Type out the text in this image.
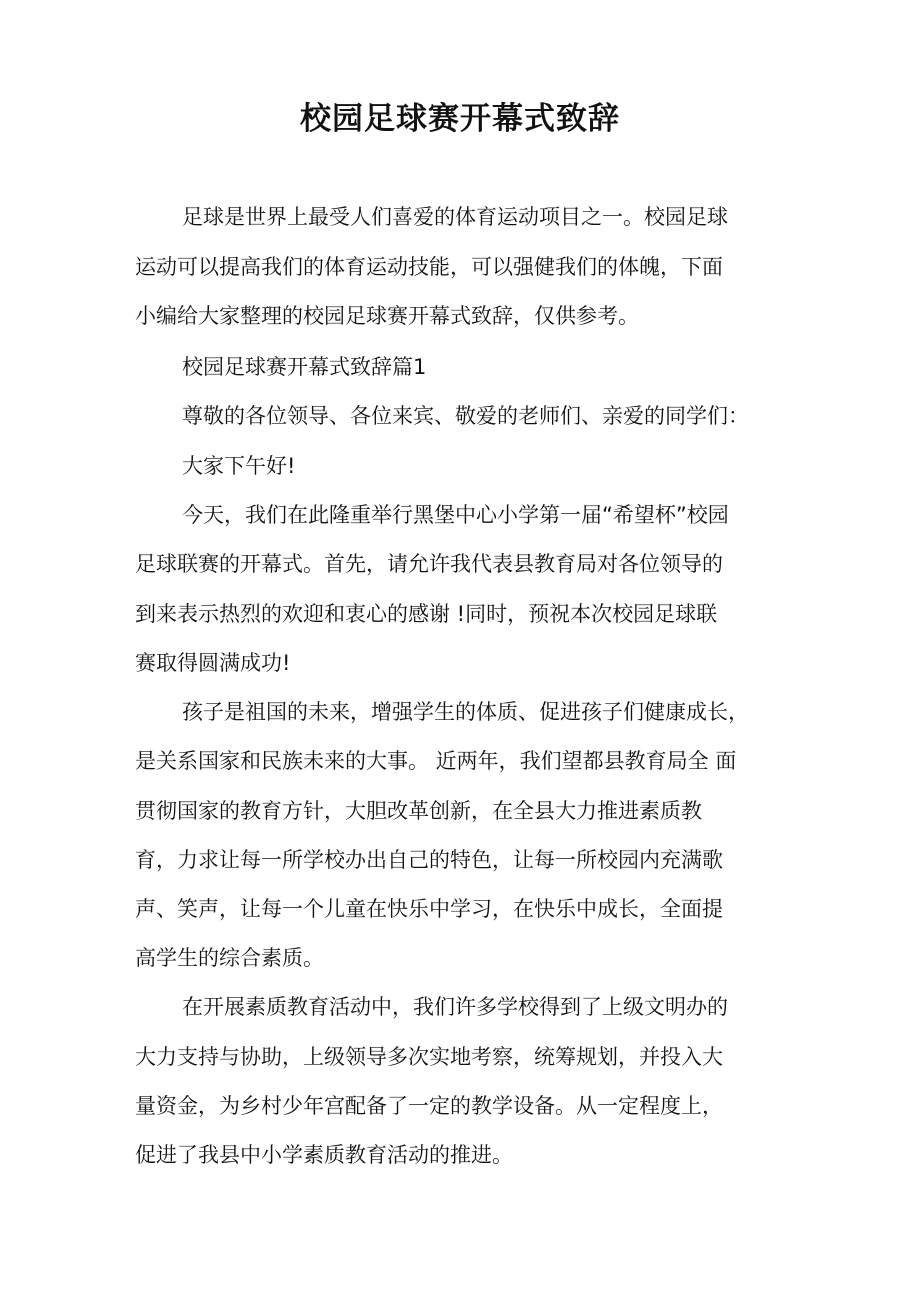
校园足球赛开幕式致辞
足球是世界上最受人们喜爱的体育运动项目之一。校园足球
运动可以提高我们的体育运动技能，可以强健我们的体魄，下面
小编给大家整理的校园足球赛开幕式致辞，仅供参考。
校园足球赛开幕式致辞篇1
尊敬的各位领导、各位来宾、敬爱的老师们、亲爱的同学们：
大家下午好!
今天，我们在此隆重举行黑堡中心小学第一届“希望杯”校园
足球联赛的开幕式。首先，请允许我代表县教育局对各位领导的
到来表示热烈的欢迎和衷心的感谢 !同时，预祝本次校园足球联
赛取得圆满成功!
孩子是祖国的未来，增强学生的体质、促进孩子们健康成长，
是关系国家和民族未来的大事。 近两年，我们望都县教育局全 面
贯彻国家的教育方针，大胆改革创新，在全县大力推进素质教
育，力求让每一所学校办出自己的特色，让每一所校园内充满歌
声、笑声，让每一个儿童在快乐中学习，在快乐中成长，全面提
高学生的综合素质。
在开展素质教育活动中，我们许多学校得到了上级文明办的
大力支持与协助，上级领导多次实地考察，统筹规划，并投入大
量资金，为乡村少年宫配备了一定的教学设备。从一定程度上，
促进了我县中小学素质教育活动的推进。
